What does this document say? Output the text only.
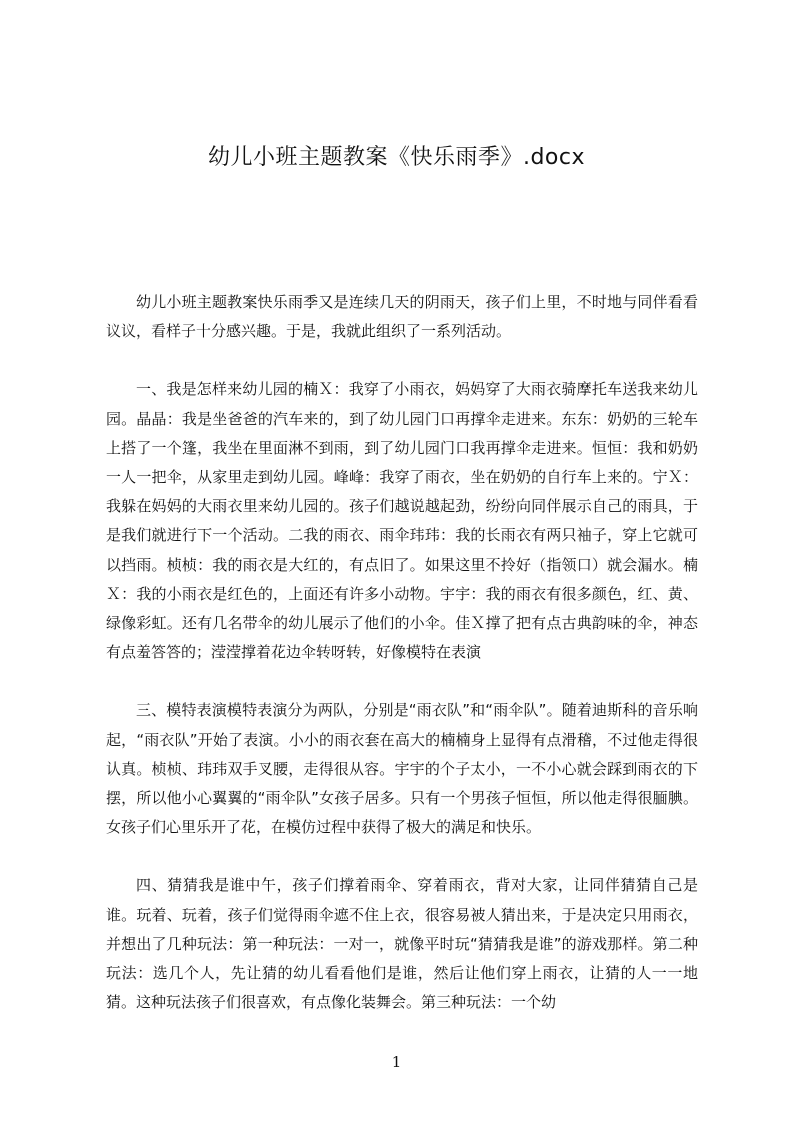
幼儿小班主题教案《快乐雨季》.docx

幼儿小班主题教案快乐雨季又是连续几天的阴雨天，孩子们上里，不时地与同伴看看议议，看样子十分感兴趣。于是，我就此组织了一系列活动。

一、我是怎样来幼儿园的楠Ｘ：我穿了小雨衣，妈妈穿了大雨衣骑摩托车送我来幼儿园。晶晶：我是坐爸爸的汽车来的，到了幼儿园门口再撑伞走进来。东东：奶奶的三轮车上搭了一个篷，我坐在里面淋不到雨，到了幼儿园门口我再撑伞走进来。恒恒：我和奶奶一人一把伞，从家里走到幼儿园。峰峰：我穿了雨衣，坐在奶奶的自行车上来的。宁Ｘ：我躲在妈妈的大雨衣里来幼儿园的。孩子们越说越起劲，纷纷向同伴展示自己的雨具，于是我们就进行下一个活动。二我的雨衣、雨伞玮玮：我的长雨衣有两只袖子，穿上它就可以挡雨。桢桢：我的雨衣是大红的，有点旧了。如果这里不拎好（指领口）就会漏水。楠Ｘ：我的小雨衣是红色的，上面还有许多小动物。宇宇：我的雨衣有很多颜色，红、黄、绿像彩虹。还有几名带伞的幼儿展示了他们的小伞。佳Ｘ撑了把有点古典韵味的伞，神态有点羞答答的；滢滢撑着花边伞转呀转，好像模特在表演

三、模特表演模特表演分为两队，分别是“雨衣队”和“雨伞队”。随着迪斯科的音乐响起，“雨衣队”开始了表演。小小的雨衣套在高大的楠楠身上显得有点滑稽，不过他走得很认真。桢桢、玮玮双手叉腰，走得很从容。宇宇的个子太小，一不小心就会踩到雨衣的下摆，所以他小心翼翼的“雨伞队”女孩子居多。只有一个男孩子恒恒，所以他走得很腼腆。女孩子们心里乐开了花，在模仿过程中获得了极大的满足和快乐。

四、猜猜我是谁中午，孩子们撑着雨伞、穿着雨衣，背对大家，让同伴猜猜自己是谁。玩着、玩着，孩子们觉得雨伞遮不住上衣，很容易被人猜出来，于是决定只用雨衣，并想出了几种玩法：第一种玩法：一对一，就像平时玩“猜猜我是谁”的游戏那样。第二种玩法：选几个人，先让猜的幼儿看看他们是谁，然后让他们穿上雨衣，让猜的人一一地猜。这种玩法孩子们很喜欢，有点像化装舞会。第三种玩法：一个幼

1
